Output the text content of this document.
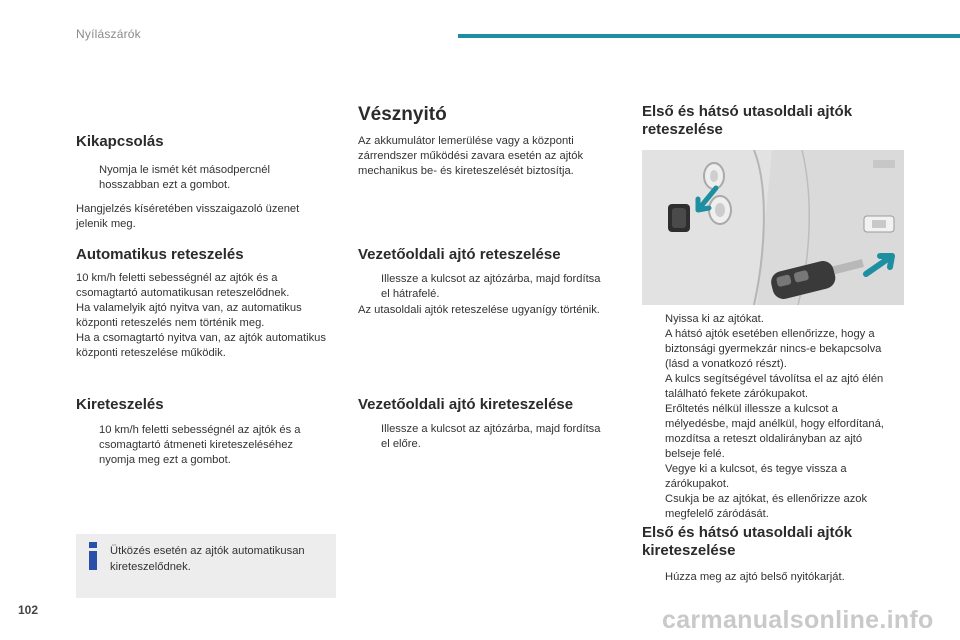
Nyílászárók
Kikapcsolás
Nyomja le ismét két másodpercnél hosszabban ezt a gombot.

Hangjelzés kíséretében visszaigazoló üzenet jelenik meg.

Automatikus reteszelés

10 km/h feletti sebességnél az ajtók és a csomagtartó automatikusan reteszelődnek.
Ha valamelyik ajtó nyitva van, az automatikus központi reteszelés nem történik meg.
Ha a csomagtartó nyitva van, az ajtók automatikus központi reteszelése működik.

Kireteszelés
10 km/h feletti sebességnél az ajtók és a csomagtartó átmeneti kireteszeléséhez nyomja meg ezt a gombot.
Ütközés esetén az ajtók automatikusan kireteszelődnek.
102
Vésznyitó

Az akkumulátor lemerülése vagy a központi zárrendszer működési zavara esetén az ajtók mechanikus be- és kireteszelését biztosítja.

Vezetőoldali ajtó reteszelése
Illessze a kulcsot az ajtózárba, majd fordítsa el hátrafelé.

Az utasoldali ajtók reteszelése ugyanígy történik.

Vezetőoldali ajtó kireteszelése
Illessze a kulcsot az ajtózárba, majd fordítsa el előre.
Első és hátsó utasoldali ajtók reteszelése
Nyissa ki az ajtókat.
A hátsó ajtók esetében ellenőrizze, hogy a biztonsági gyermekzár nincs-e bekapcsolva (lásd a vonatkozó részt).
A kulcs segítségével távolítsa el az ajtó élén található fekete zárókupakot.
Erőltetés nélkül illessze a kulcsot a mélyedésbe, majd anélkül, hogy elfordítaná, mozdítsa a reteszt oldalirányban az ajtó belseje felé.
Vegye ki a kulcsot, és tegye vissza a zárókupakot.
Csukja be az ajtókat, és ellenőrizze azok megfelelő záródását.
Első és hátsó utasoldali ajtók kireteszelése
Húzza meg az ajtó belső nyitókarját.
carmanualsonline.info
